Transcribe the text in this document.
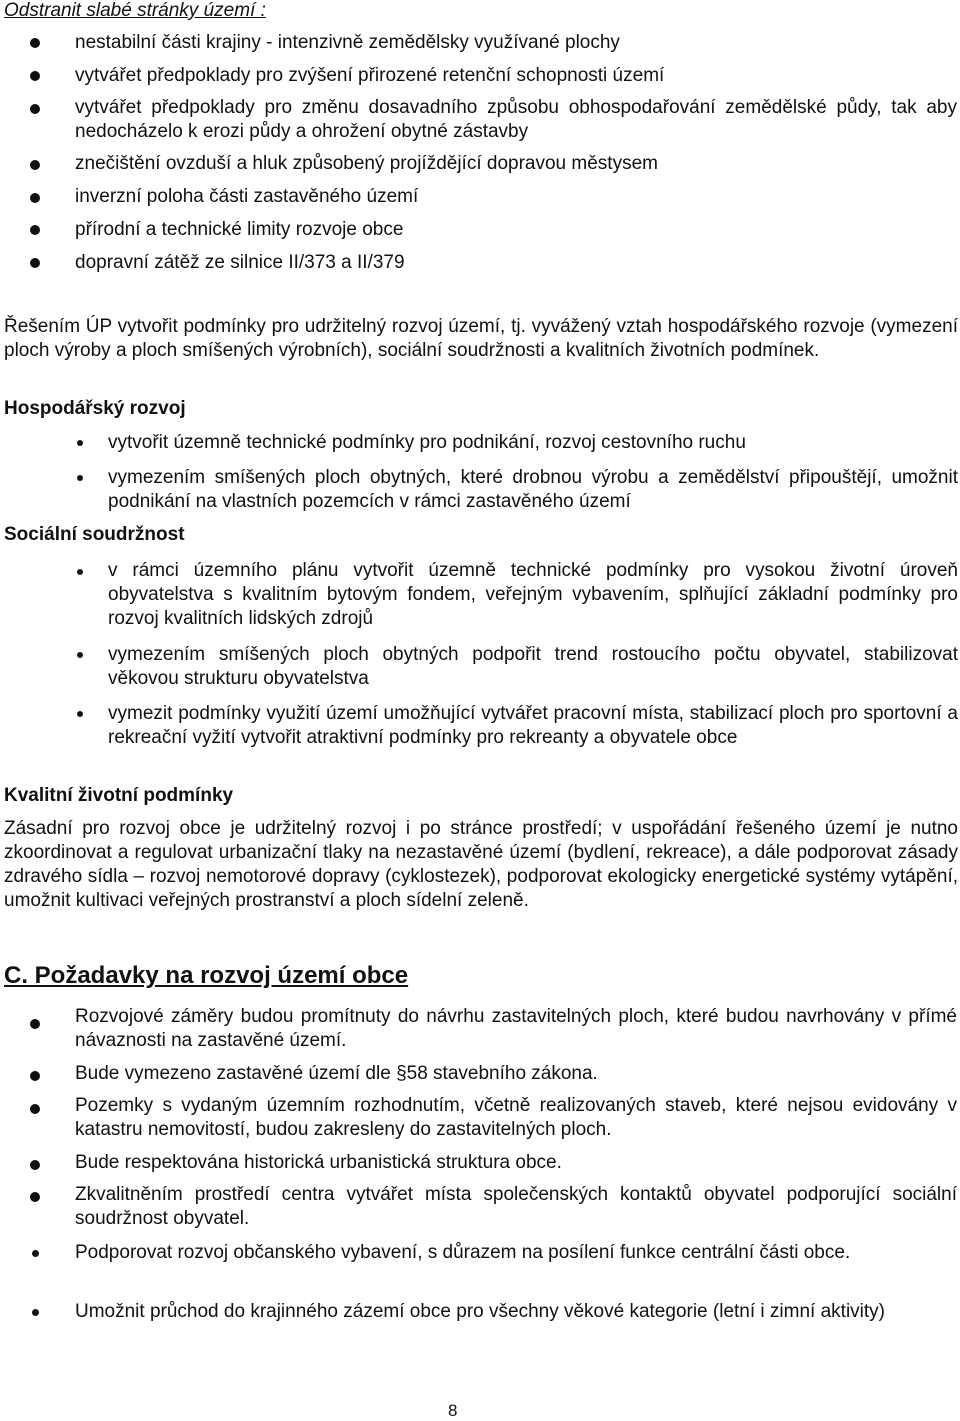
Odstranit slabé stránky území :
nestabilní části krajiny - intenzivně zemědělsky využívané plochy
vytvářet předpoklady pro zvýšení přirozené retenční schopnosti území
vytvářet předpoklady pro změnu dosavadního způsobu obhospodařování zemědělské půdy, tak aby nedocházelo k erozi půdy a ohrožení obytné zástavby
znečištění ovzduší a hluk způsobený projíždějící dopravou městysem
inverzní poloha části zastavěného území
přírodní a technické limity rozvoje obce
dopravní zátěž ze silnice II/373 a II/379
Řešením ÚP vytvořit podmínky pro udržitelný rozvoj území, tj. vyvážený vztah hospodářského rozvoje (vymezení ploch výroby a ploch smíšených výrobních), sociální soudržnosti a kvalitních životních podmínek.
Hospodářský rozvoj
vytvořit územně technické podmínky pro podnikání, rozvoj cestovního ruchu
vymezením smíšených ploch obytných, které drobnou výrobu a zemědělství připouštějí, umožnit podnikání na vlastních pozemcích v rámci zastavěného území
Sociální soudržnost
v rámci územního plánu vytvořit územně technické podmínky pro vysokou životní úroveň obyvatelstva s kvalitním bytovým fondem, veřejným vybavením, splňující základní podmínky pro rozvoj kvalitních lidských zdrojů
vymezením smíšených ploch obytných podpořit trend rostoucího počtu obyvatel, stabilizovat věkovou strukturu obyvatelstva
vymezit podmínky využití území umožňující vytvářet pracovní místa, stabilizací ploch pro sportovní a rekreační vyžití vytvořit atraktivní podmínky pro rekreanty a obyvatele obce
Kvalitní životní podmínky
Zásadní pro rozvoj obce je udržitelný rozvoj i po stránce prostředí; v uspořádání řešeného území je nutno zkoordinovat a regulovat urbanizační tlaky na nezastavěné území (bydlení, rekreace), a dále podporovat zásady zdravého sídla – rozvoj nemotorové dopravy (cyklostezek), podporovat ekologicky energetické systémy vytápění, umožnit kultivaci veřejných prostranství a ploch sídelní zeleně.
C. Požadavky na rozvoj území obce
Rozvojové záměry budou promítnuty do návrhu zastavitelných ploch, které budou navrhovány v přímé návaznosti na zastavěné území.
Bude vymezeno zastavěné území dle §58 stavebního zákona.
Pozemky s vydaným územním rozhodnutím, včetně realizovaných staveb, které nejsou evidovány v katastru nemovitostí, budou zakresleny do zastavitelných ploch.
Bude respektována historická urbanistická struktura obce.
Zkvalitněním prostředí centra vytvářet místa společenských kontaktů obyvatel podporující sociální soudržnost obyvatel.
Podporovat rozvoj občanského vybavení, s důrazem na posílení funkce centrální části obce.
Umožnit průchod do krajinného zázemí obce pro všechny věkové kategorie (letní i zimní aktivity)
8
